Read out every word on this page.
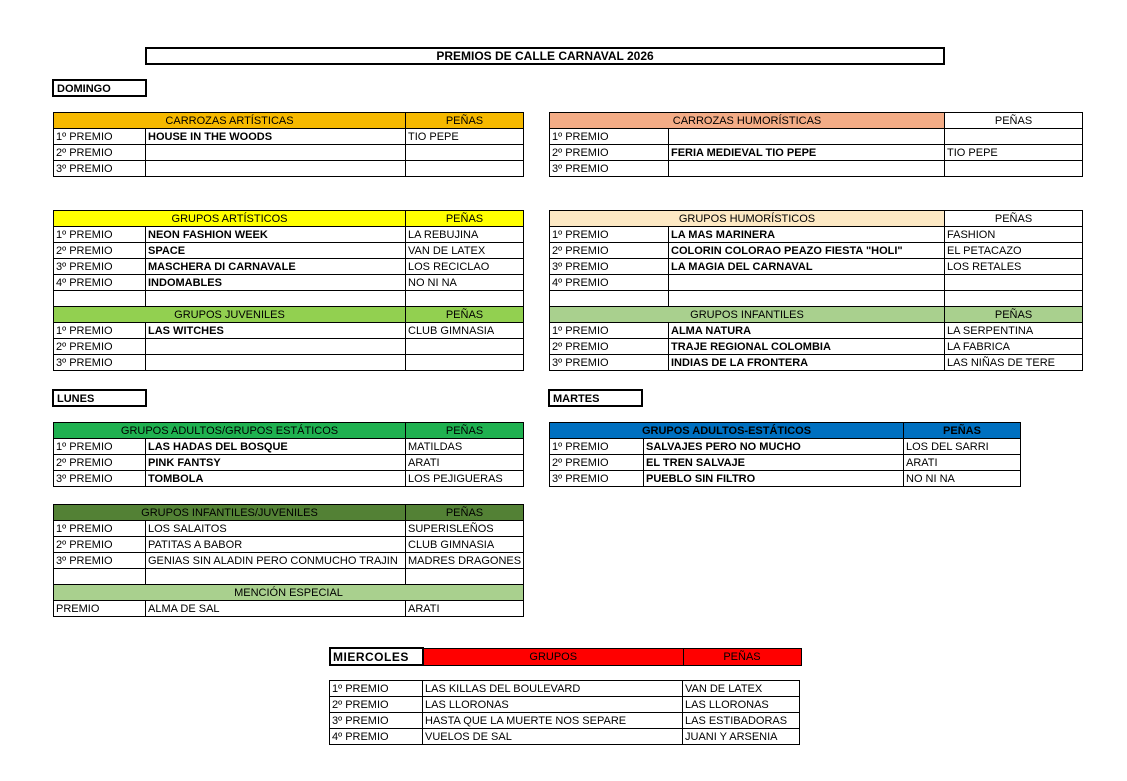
PREMIOS DE CALLE CARNAVAL 2026
DOMINGO
CARROZAS ARTÍSTICAS		PEÑAS
1º PREMIO	HOUSE IN THE WOODS	TIO PEPE
2º PREMIO		
3º PREMIO		
CARROZAS HUMORÍSTICAS		PEÑAS
1º PREMIO		
2º PREMIO	FERIA MEDIEVAL TIO PEPE	TIO PEPE
3º PREMIO		
GRUPOS ARTÍSTICOS		PEÑAS
1º PREMIO	NEON FASHION WEEK	LA REBUJINA
2º PREMIO	SPACE	VAN DE LATEX
3º PREMIO	MASCHERA DI CARNAVALE	LOS RECICLAO
4º PREMIO	INDOMABLES	NO NI NA

GRUPOS JUVENILES		PEÑAS
1º PREMIO	LAS WITCHES	CLUB GIMNASIA
2º PREMIO		
3º PREMIO		
GRUPOS HUMORÍSTICOS		PEÑAS
1º PREMIO	LA MAS MARINERA	FASHION
2º PREMIO	COLORIN COLORAO PEAZO FIESTA "HOLI"	EL PETACAZO
3º PREMIO	LA MAGIA DEL CARNAVAL	LOS RETALES
4º PREMIO		

GRUPOS INFANTILES		PEÑAS
1º PREMIO	ALMA NATURA	LA SERPENTINA
2º PREMIO	TRAJE REGIONAL COLOMBIA	LA FABRICA
3º PREMIO	INDIAS DE LA FRONTERA	LAS NIÑAS DE TERE
LUNES	MARTES
GRUPOS ADULTOS/GRUPOS ESTÁTICOS		PEÑAS
1º PREMIO	LAS HADAS DEL BOSQUE	MATILDAS
2º PREMIO	PINK FANTSY	ARATI
3º PREMIO	TOMBOLA	LOS PEJIGUERAS
GRUPOS ADULTOS-ESTÁTICOS		PEÑAS
1º PREMIO	SALVAJES PERO NO MUCHO	LOS DEL SARRI
2º PREMIO	EL TREN SALVAJE	ARATI
3º PREMIO	PUEBLO SIN FILTRO	NO NI NA
GRUPOS INFANTILES/JUVENILES		PEÑAS
1º PREMIO	LOS SALAITOS	SUPERISLEÑOS
2º PREMIO	PATITAS A BABOR	CLUB GIMNASIA
3º PREMIO	GENIAS SIN ALADIN PERO CONMUCHO TRAJIN	MADRES DRAGONES

MENCIÓN ESPECIAL		
PREMIO	ALMA DE SAL	ARATI
MIERCOLES	GRUPOS	PEÑAS
1º PREMIO	LAS KILLAS DEL BOULEVARD	VAN DE LATEX
2º PREMIO	LAS LLORONAS	LAS LLORONAS
3º PREMIO	HASTA QUE LA MUERTE NOS SEPARE	LAS ESTIBADORAS
4º PREMIO	VUELOS DE SAL	JUANI Y ARSENIA
